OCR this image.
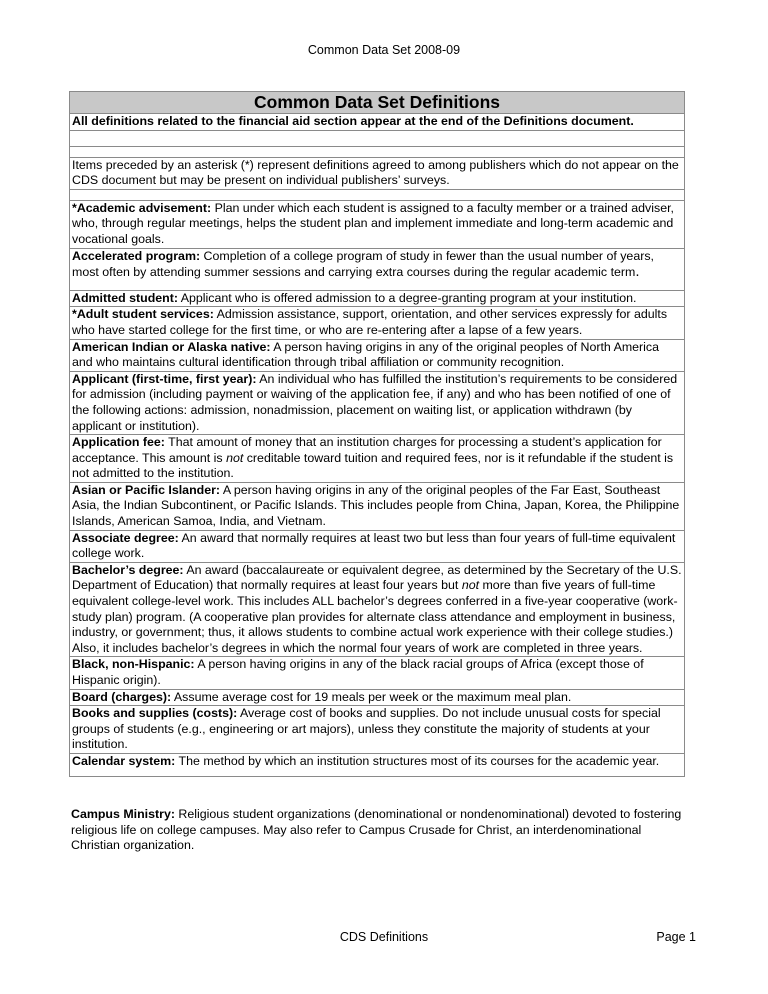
Common Data Set 2008-09
Common Data Set Definitions
All definitions related to the financial aid section appear at the end of the Definitions document.

Items preceded by an asterisk (*) represent definitions agreed to among publishers which do not appear on the CDS document but may be present on individual publishers’ surveys.

*Academic advisement: Plan under which each student is assigned to a faculty member or a trained adviser, who, through regular meetings, helps the student plan and implement immediate and long-term academic and vocational goals.
Accelerated program: Completion of a college program of study in fewer than the usual number of years, most often by attending summer sessions and carrying extra courses during the regular academic term.
Admitted student: Applicant who is offered admission to a degree-granting program at your institution.
*Adult student services: Admission assistance, support, orientation, and other services expressly for adults who have started college for the first time, or who are re-entering after a lapse of a few years.
American Indian or Alaska native: A person having origins in any of the original peoples of North America and who maintains cultural identification through tribal affiliation or community recognition.
Applicant (first-time, first year): An individual who has fulfilled the institution’s requirements to be considered for admission (including payment or waiving of the application fee, if any) and who has been notified of one of the following actions: admission, nonadmission, placement on waiting list, or application withdrawn (by applicant or institution).
Application fee: That amount of money that an institution charges for processing a student’s application for acceptance. This amount is not creditable toward tuition and required fees, nor is it refundable if the student is not admitted to the institution.
Asian or Pacific Islander: A person having origins in any of the original peoples of the Far East, Southeast Asia, the Indian Subcontinent, or Pacific Islands. This includes people from China, Japan, Korea, the Philippine Islands, American Samoa, India, and Vietnam.
Associate degree: An award that normally requires at least two but less than four years of full-time equivalent college work.
Bachelor’s degree: An award (baccalaureate or equivalent degree, as determined by the Secretary of the U.S. Department of Education) that normally requires at least four years but not more than five years of full-time equivalent college-level work. This includes ALL bachelor’s degrees conferred in a five-year cooperative (work-study plan) program. (A cooperative plan provides for alternate class attendance and employment in business, industry, or government; thus, it allows students to combine actual work experience with their college studies.) Also, it includes bachelor’s degrees in which the normal four years of work are completed in three years.
Black, non-Hispanic: A person having origins in any of the black racial groups of Africa (except those of Hispanic origin).
Board (charges): Assume average cost for 19 meals per week or the maximum meal plan.
Books and supplies (costs): Average cost of books and supplies. Do not include unusual costs for special groups of students (e.g., engineering or art majors), unless they constitute the majority of students at your institution.
Calendar system: The method by which an institution structures most of its courses for the academic year.
Campus Ministry: Religious student organizations (denominational or nondenominational) devoted to fostering religious life on college campuses. May also refer to Campus Crusade for Christ, an interdenominational Christian organization.
CDS Definitions	Page 1
